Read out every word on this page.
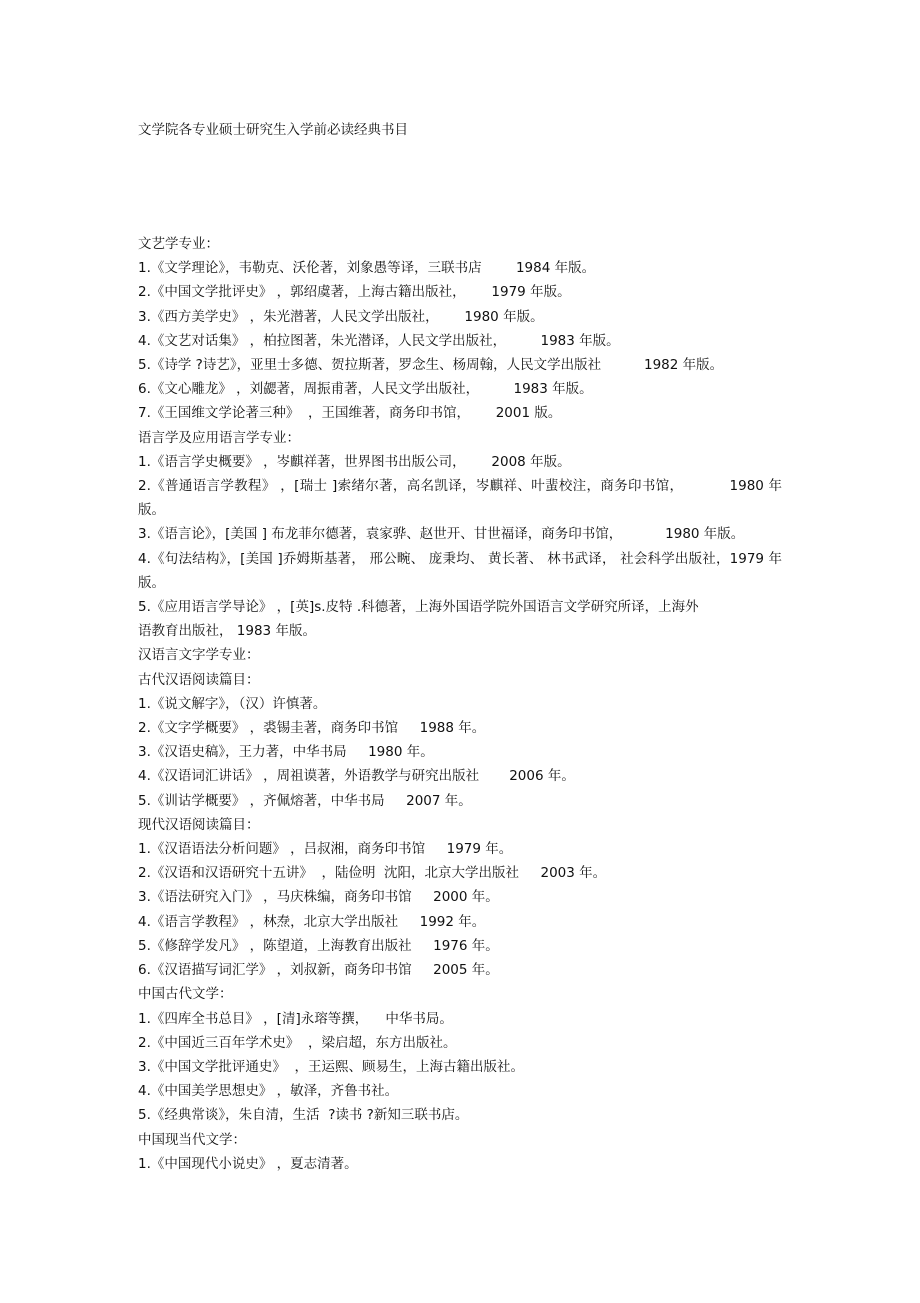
文学院各专业硕士研究生入学前必读经典书目
文艺学专业：
1.《文学理论》，韦勒克、沃伦著，刘象愚等译，三联书店        1984 年版。
2.《中国文学批评史》 ，郭绍虞著，上海古籍出版社，      1979 年版。
3.《西方美学史》 ，朱光潜著，人民文学出版社，      1980 年版。
4.《文艺对话集》 ，柏拉图著，朱光潜译，人民文学出版社，        1983 年版。
5.《诗学 ?诗艺》，亚里士多德、贺拉斯著，罗念生、杨周翰，人民文学出版社          1982 年版。
6.《文心雕龙》 ，刘勰著，周振甫著，人民文学出版社，        1983 年版。
7.《王国维文学论著三种》  ，王国维著，商务印书馆，      2001 版。
语言学及应用语言学专业：
1.《语言学史概要》 ，岑麒祥著，世界图书出版公司，      2008 年版。
2.《普通语言学教程》 ，[瑞士 ]索绪尔著，高名凯译，岑麒祥、叶蜚校注，商务印书馆，          1980 年版。
3.《语言论》，[美国 ] 布龙菲尔德著，袁家骅、赵世开、甘世福译，商务印书馆，          1980 年版。
4.《句法结构》，[美国 ]乔姆斯基著， 邢公畹、 庞秉均、 黄长著、 林书武译， 社会科学出版社，1979 年版。
5.《应用语言学导论》 ，[英]s.皮特 .科德著，上海外国语学院外国语言文学研究所译，上海外
语教育出版社， 1983 年版。
汉语言文字学专业：
古代汉语阅读篇目：
1.《说文解字》，（汉）许慎著。
2.《文字学概要》 ，裘锡圭著，商务印书馆     1988 年。
3.《汉语史稿》，王力著，中华书局     1980 年。
4.《汉语词汇讲话》 ，周祖谟著，外语教学与研究出版社       2006 年。
5.《训诂学概要》 ，齐佩熔著，中华书局     2007 年。
现代汉语阅读篇目：
1.《汉语语法分析问题》 ，吕叔湘，商务印书馆     1979 年。
2.《汉语和汉语研究十五讲》  ，陆俭明  沈阳，北京大学出版社     2003 年。
3.《语法研究入门》 ，马庆株编，商务印书馆     2000 年。
4.《语言学教程》 ，林焘，北京大学出版社     1992 年。
5.《修辞学发凡》 ，陈望道，上海教育出版社     1976 年。
6.《汉语描写词汇学》 ，刘叔新，商务印书馆     2005 年。
中国古代文学：
1.《四库全书总目》 ，[清]永瑢等撰，    中华书局。
2.《中国近三百年学术史》  ，梁启超，东方出版社。
3.《中国文学批评通史》  ，王运熙、顾易生，上海古籍出版社。
4.《中国美学思想史》 ，敏泽，齐鲁书社。
5.《经典常谈》，朱自清，生活  ?读书 ?新知三联书店。
中国现当代文学：
1.《中国现代小说史》 ，夏志清著。
